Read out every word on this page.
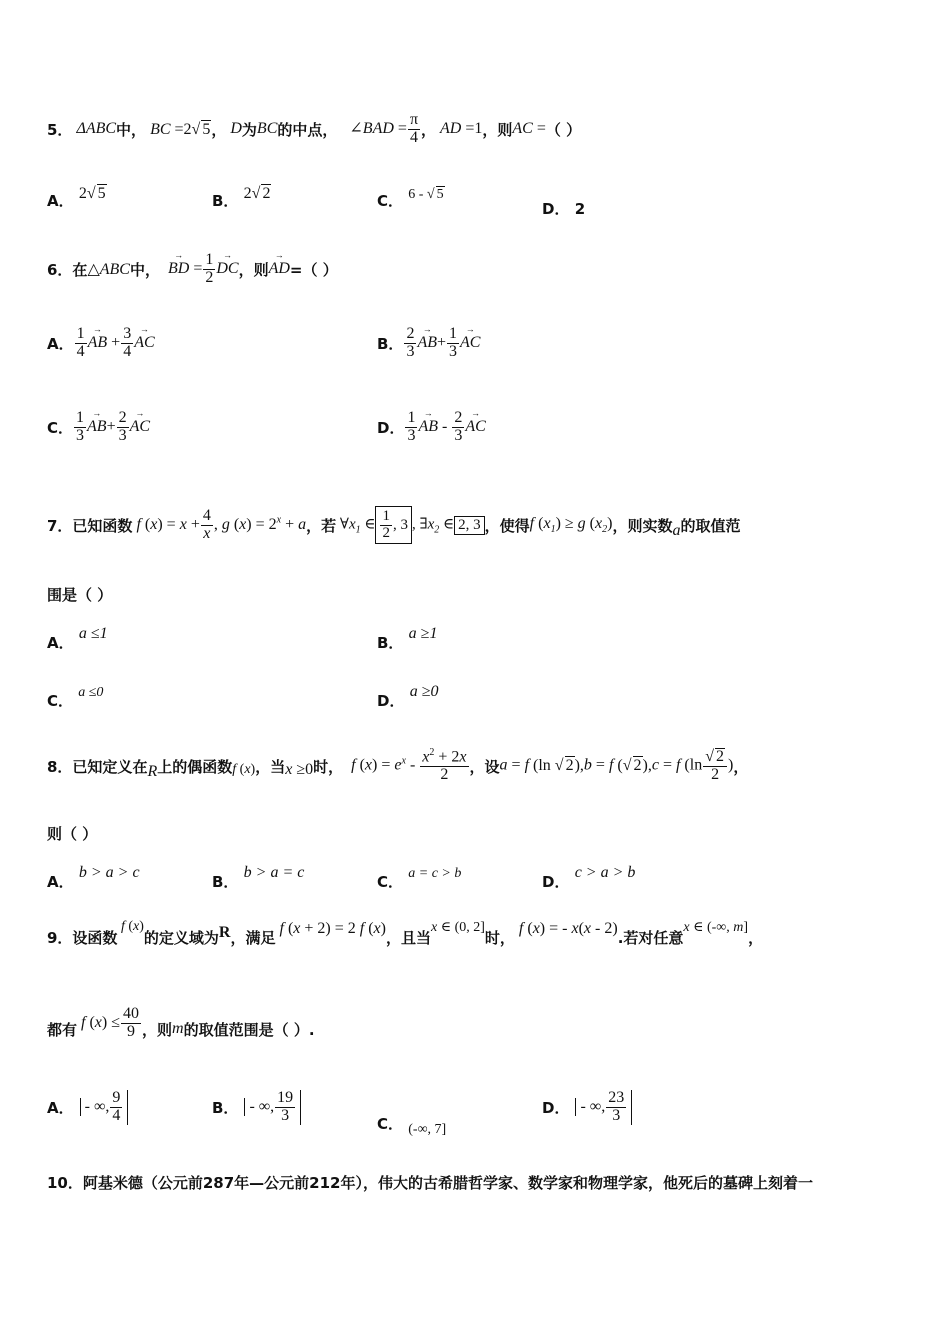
5． ΔABC 中， BC =2√ 5 ， D 为 BC 的中点， ∠BAD = $\frac{\pi}{4}$ ， AD =1 ，则 AC = （ ）
A． 2√ 5	B． 2√ 2	C． 6 - √ 5
D． 2
6．在 △ABC 中，
→ BD = $\frac{1}{2}$
→ DC ，则
→ AD =（ ）
A． $\frac{1}{4}$
→ AB + $\frac{3}{4}$
→ AC	B． $\frac{2}{3}$
→ $AB+ \frac{1}{3}$
→ AC
C． $\frac{1}{3}$
→ $AB+ \frac{2}{3}$
→ AC	D． $\frac{1}{3}$
→ AB - $\frac{2}{3}$
→ AC
7．已知函数 f $(x) = x + \frac{4}{x}$ , g $(x) = 2^x + a$ ，若 $\forall x_1$ ∈ $\frac{1}{2}$ , 3 , $\exists x_2$ ∈ 2, 3 ，使得 f $(x_1) \ge g$ $(x_2)$ ，则实数 a 的取值范
围是（ ）
A． a ≤1
B． a ≥1
C． a ≤0	D． a ≥0
8．已知定义在 R 上的偶函数 f (x) ，当 x ≥0 时， f $(x) = e^x - \frac{x^2 + 2x}{2}$ ，设 a = f (ln √ 2),b = f (√ 2),c = f ($\ln \frac{√ 2}{2}$ ) ，
则（ ）
A． b > a > c
B． b > a = c
C． a = c > b	D． c > a > b
9．设函数
f (x)
的定义域为 R ，满足 f (x + 2) = 2 f (x) ，且当
x ∈ (0, 2]
时， f (x) = - x(x - 2) .若对任意
x ∈ (-∞, m]
，
都有 f $(x) \le \frac{40}{9}$ ，则 m 的取值范围是（ ）.
A． - ∞, $\frac{9}{4}$	B． - ∞, $\frac{19}{3}$	C． (-∞, 7]
D． - ∞, $\frac{23}{3}$
10．阿基米德（公元前287年—公元前212年），伟大的古希腊哲学家、数学家和物理学家，他死后的墓碑上刻着一
